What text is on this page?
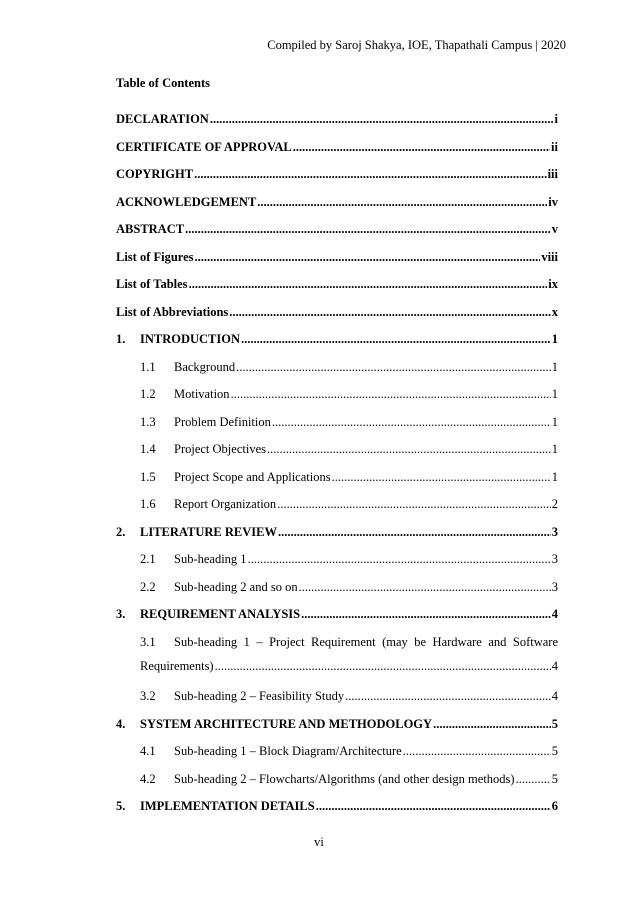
Compiled by Saroj Shakya, IOE, Thapathali Campus | 2020
Table of Contents
DECLARATION .....	i
CERTIFICATE OF APPROVAL .....	ii
COPYRIGHT .....	iii
ACKNOWLEDGEMENT .....	iv
ABSTRACT .....	v
List of Figures .....	viii
List of Tables .....	ix
List of Abbreviations .....	x
1.	INTRODUCTION .....	1
1.1	Background .....	1
1.2	Motivation .....	1
1.3	Problem Definition .....	1
1.4	Project Objectives .....	1
1.5	Project Scope and Applications .....	1
1.6	Report Organization .....	2
2.	LITERATURE REVIEW .....	3
2.1	Sub-heading 1 .....	3
2.2	Sub-heading 2 and so on .....	3
3.	REQUIREMENT ANALYSIS .....	4
3.1	Sub-heading 1 – Project Requirement (may be Hardware and Software
Requirements) .....	4
3.2	Sub-heading 2 – Feasibility Study .....	4
4.	SYSTEM ARCHITECTURE AND METHODOLOGY .....	5
4.1	Sub-heading 1 – Block Diagram/Architecture .....	5
4.2	Sub-heading 2 – Flowcharts/Algorithms (and other design methods) .....	5
5.	IMPLEMENTATION DETAILS .....	6
vi
